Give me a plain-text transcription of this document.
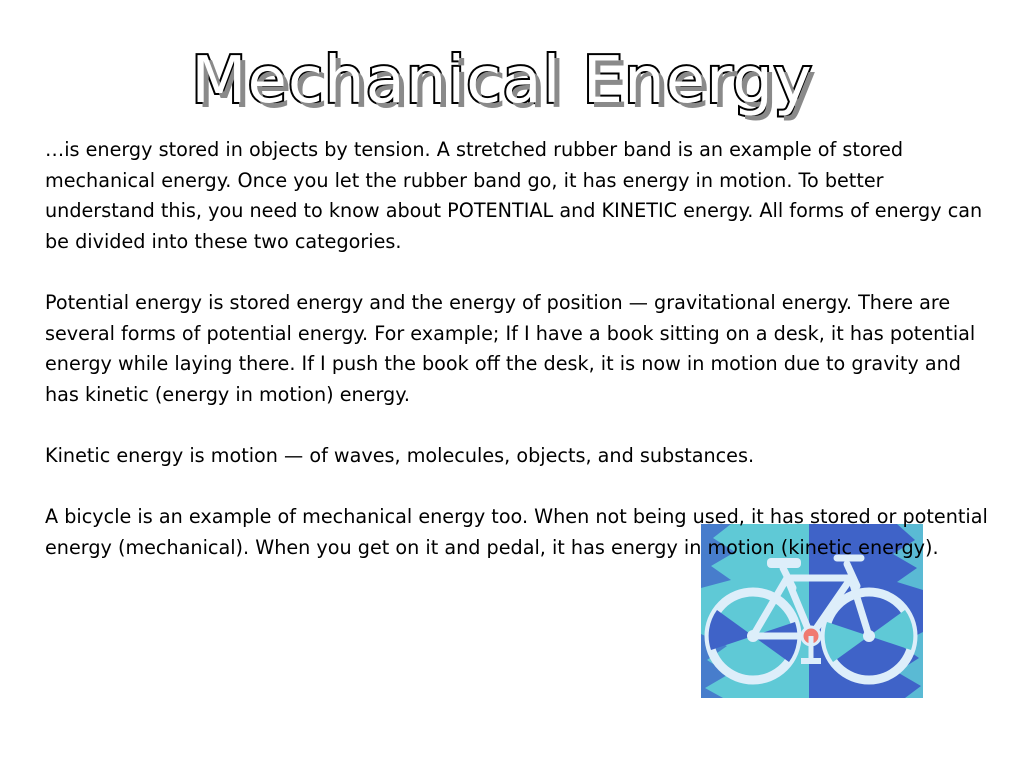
Mechanical Energy

…is energy stored in objects by tension. A stretched rubber band is an example of stored mechanical energy. Once you let the rubber band go, it has energy in motion. To better understand this, you need to know about POTENTIAL and KINETIC energy. All forms of energy can be divided into these two categories.

Potential energy is stored energy and the energy of position — gravitational energy. There are several forms of potential energy. For example; If I have a book sitting on a desk, it has potential energy while laying there. If I push the book off the desk, it is now in motion due to gravity and has kinetic (energy in motion) energy.

Kinetic energy is motion — of waves, molecules, objects, and substances.

A bicycle is an example of mechanical energy too. When not being used, it has stored or potential energy (mechanical). When you get on it and pedal, it has energy in motion (kinetic energy).
